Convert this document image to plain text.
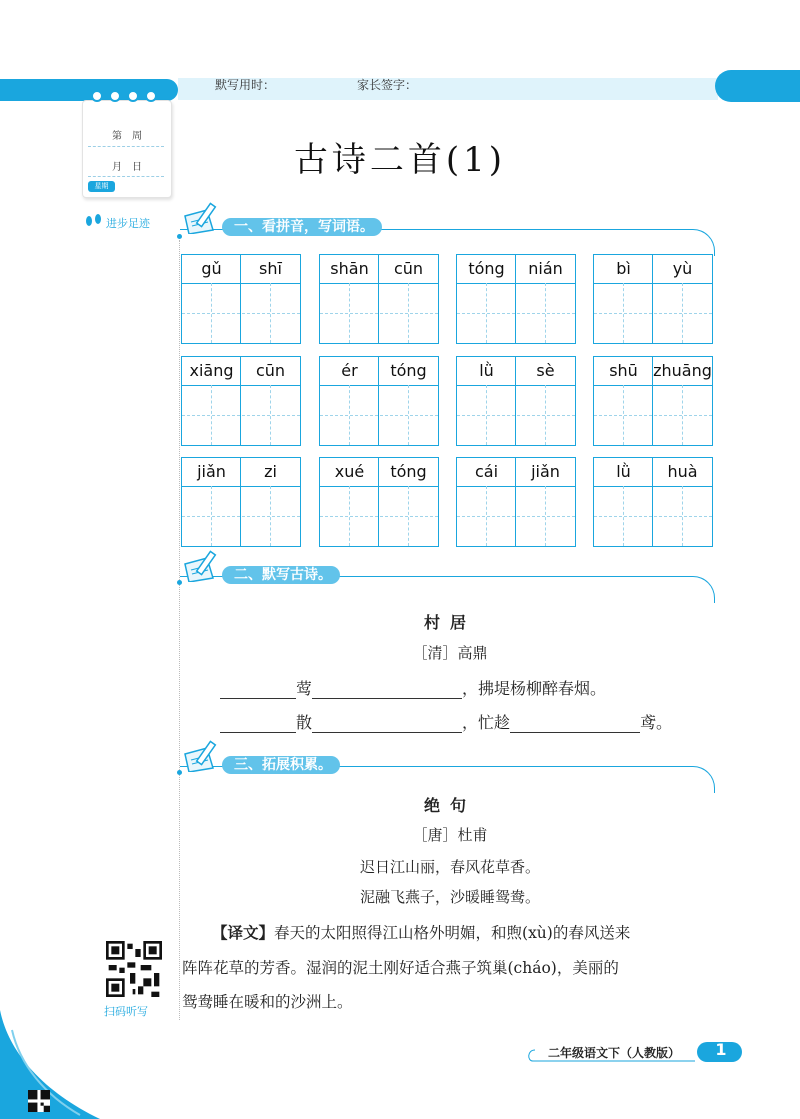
默写用时：	家长签字：
第　周
月　日
星期
进步足迹
古诗二首(1)
一、看拼音，写词语。
gǔ	shī	shān	cūn	tóng	nián	bì	yù
xiāng	cūn	ér	tóng	lǜ	sè	shū zhuāng
jiǎn	zi	xué	tóng	cái	jiǎn	lǜ	huà
二、默写古诗。
村居
［清］高鼎
莺	，拂堤杨柳醉春烟。
散	，忙趁	鸢。
三、拓展积累。
绝句
［唐］杜甫
迟日江山丽，春风花草香。
泥融飞燕子，沙暖睡鸳鸯。
【译文】春天的太阳照得江山格外明媚，和煦(xù)的春风送来
阵阵花草的芳香。湿润的泥土刚好适合燕子筑巢(cháo)，美丽的
鸳鸯睡在暖和的沙洲上。
扫码听写
二年级语文下（人教版）	1
